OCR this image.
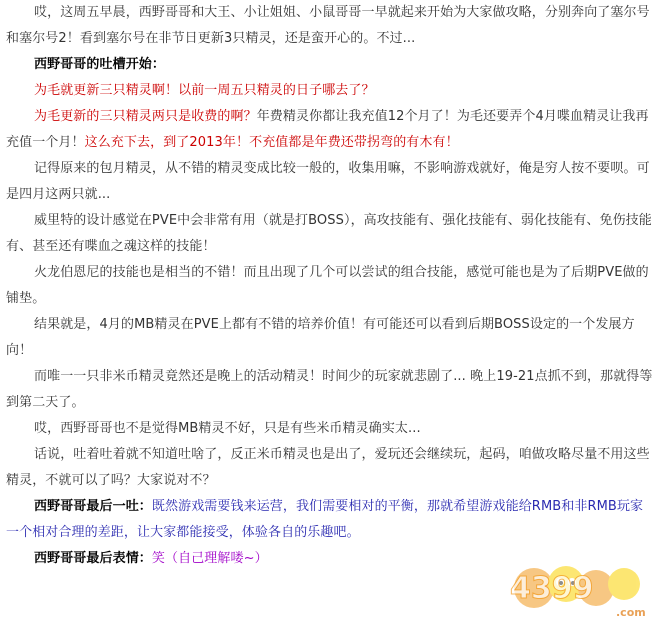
哎，这周五早晨，西野哥哥和大王、小让姐姐、小鼠哥哥一早就起来开始为大家做攻略，分别奔向了塞尔号和塞尔号2！看到塞尔号在非节日更新3只精灵，还是蛮开心的。不过...

西野哥哥的吐槽开始：

为毛就更新三只精灵啊！以前一周五只精灵的日子哪去了？

为毛更新的三只精灵两只是收费的啊？年费精灵你都让我充值12个月了！为毛还要弄个4月喋血精灵让我再充值一个月！这么充下去，到了2013年！不充值都是年费还带拐弯的有木有！

记得原来的包月精灵，从不错的精灵变成比较一般的，收集用嘛，不影响游戏就好，俺是穷人按不要呗。可是四月这两只就...

威里特的设计感觉在PVE中会非常有用（就是打BOSS），高攻技能有、强化技能有、弱化技能有、免伤技能有、甚至还有喋血之魂这样的技能！

火龙伯恩尼的技能也是相当的不错！而且出现了几个可以尝试的组合技能，感觉可能也是为了后期PVE做的铺垫。

结果就是，4月的MB精灵在PVE上都有不错的培养价值！有可能还可以看到后期BOSS设定的一个发展方向！

而唯一一只非米币精灵竟然还是晚上的活动精灵！时间少的玩家就悲剧了... 晚上19-21点抓不到，那就得等到第二天了。

哎，西野哥哥也不是觉得MB精灵不好，只是有些米币精灵确实太...

话说，吐着吐着就不知道吐啥了，反正米币精灵也是出了，爱玩还会继续玩，起码，咱做攻略尽量不用这些精灵，不就可以了吗？大家说对不？

西野哥哥最后一吐：既然游戏需要钱来运营，我们需要相对的平衡，那就希望游戏能给RMB和非RMB玩家一个相对合理的差距，让大家都能接受，体验各自的乐趣吧。

西野哥哥最后表情：笑（自己理解喽~）

4399
.com
